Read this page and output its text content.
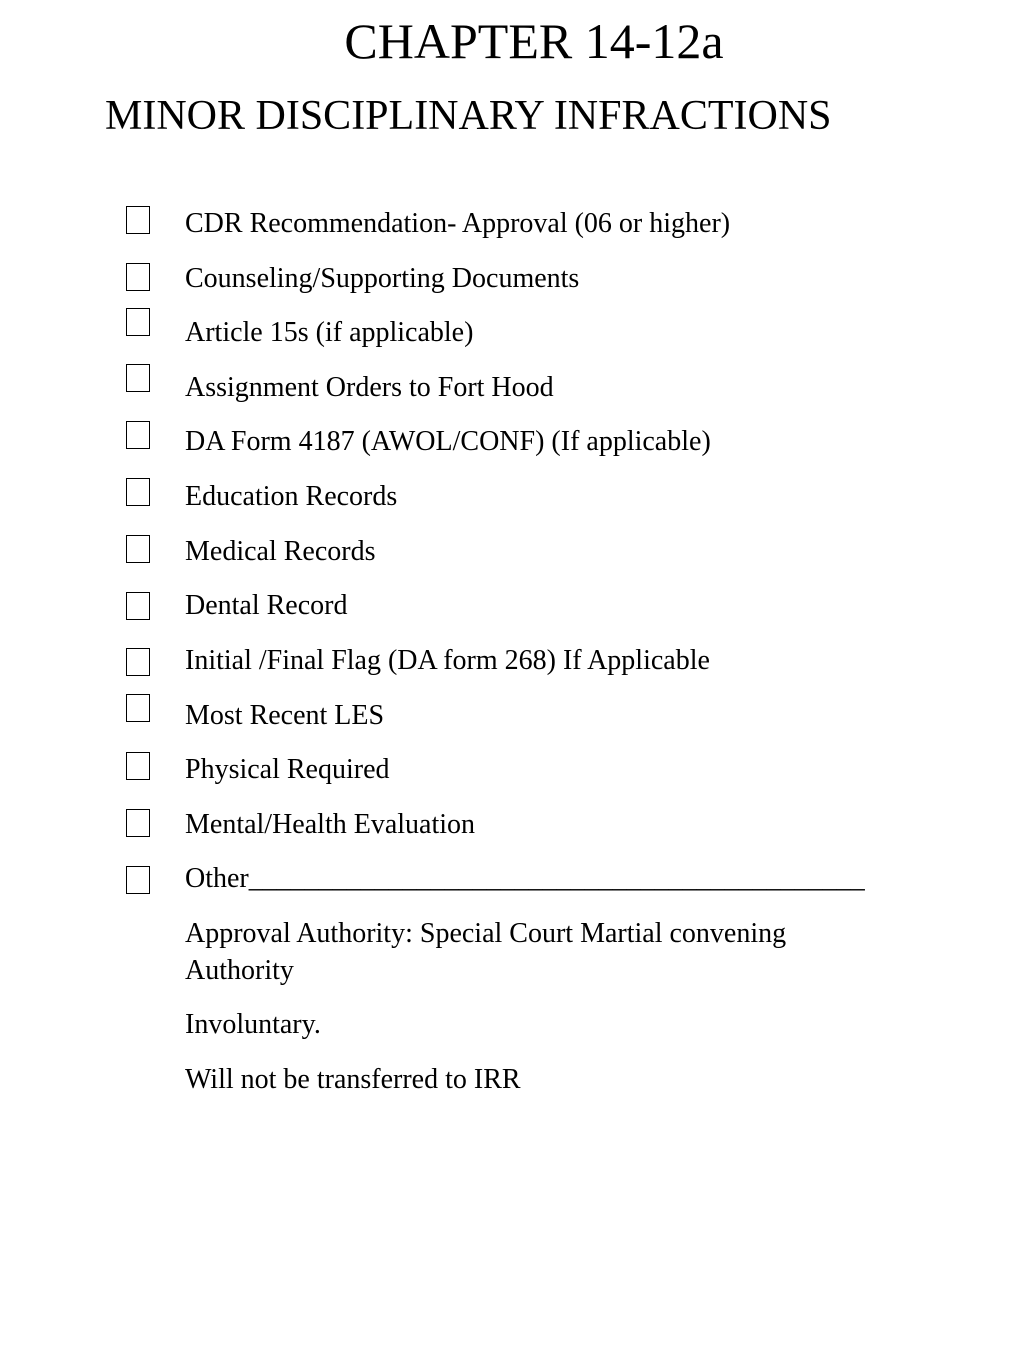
CHAPTER 14-12a
MINOR DISCIPLINARY INFRACTIONS
CDR Recommendation- Approval (06 or higher)
Counseling/Supporting Documents
Article 15s (if applicable)
Assignment Orders to Fort Hood
DA Form 4187 (AWOL/CONF) (If applicable)
Education Records
Medical Records
Dental Record
Initial /Final Flag (DA form 268) If Applicable
Most Recent LES
Physical Required
Mental/Health Evaluation
Other____________________________________________
Approval Authority: Special Court Martial convening Authority
Involuntary.
Will not be transferred to IRR
